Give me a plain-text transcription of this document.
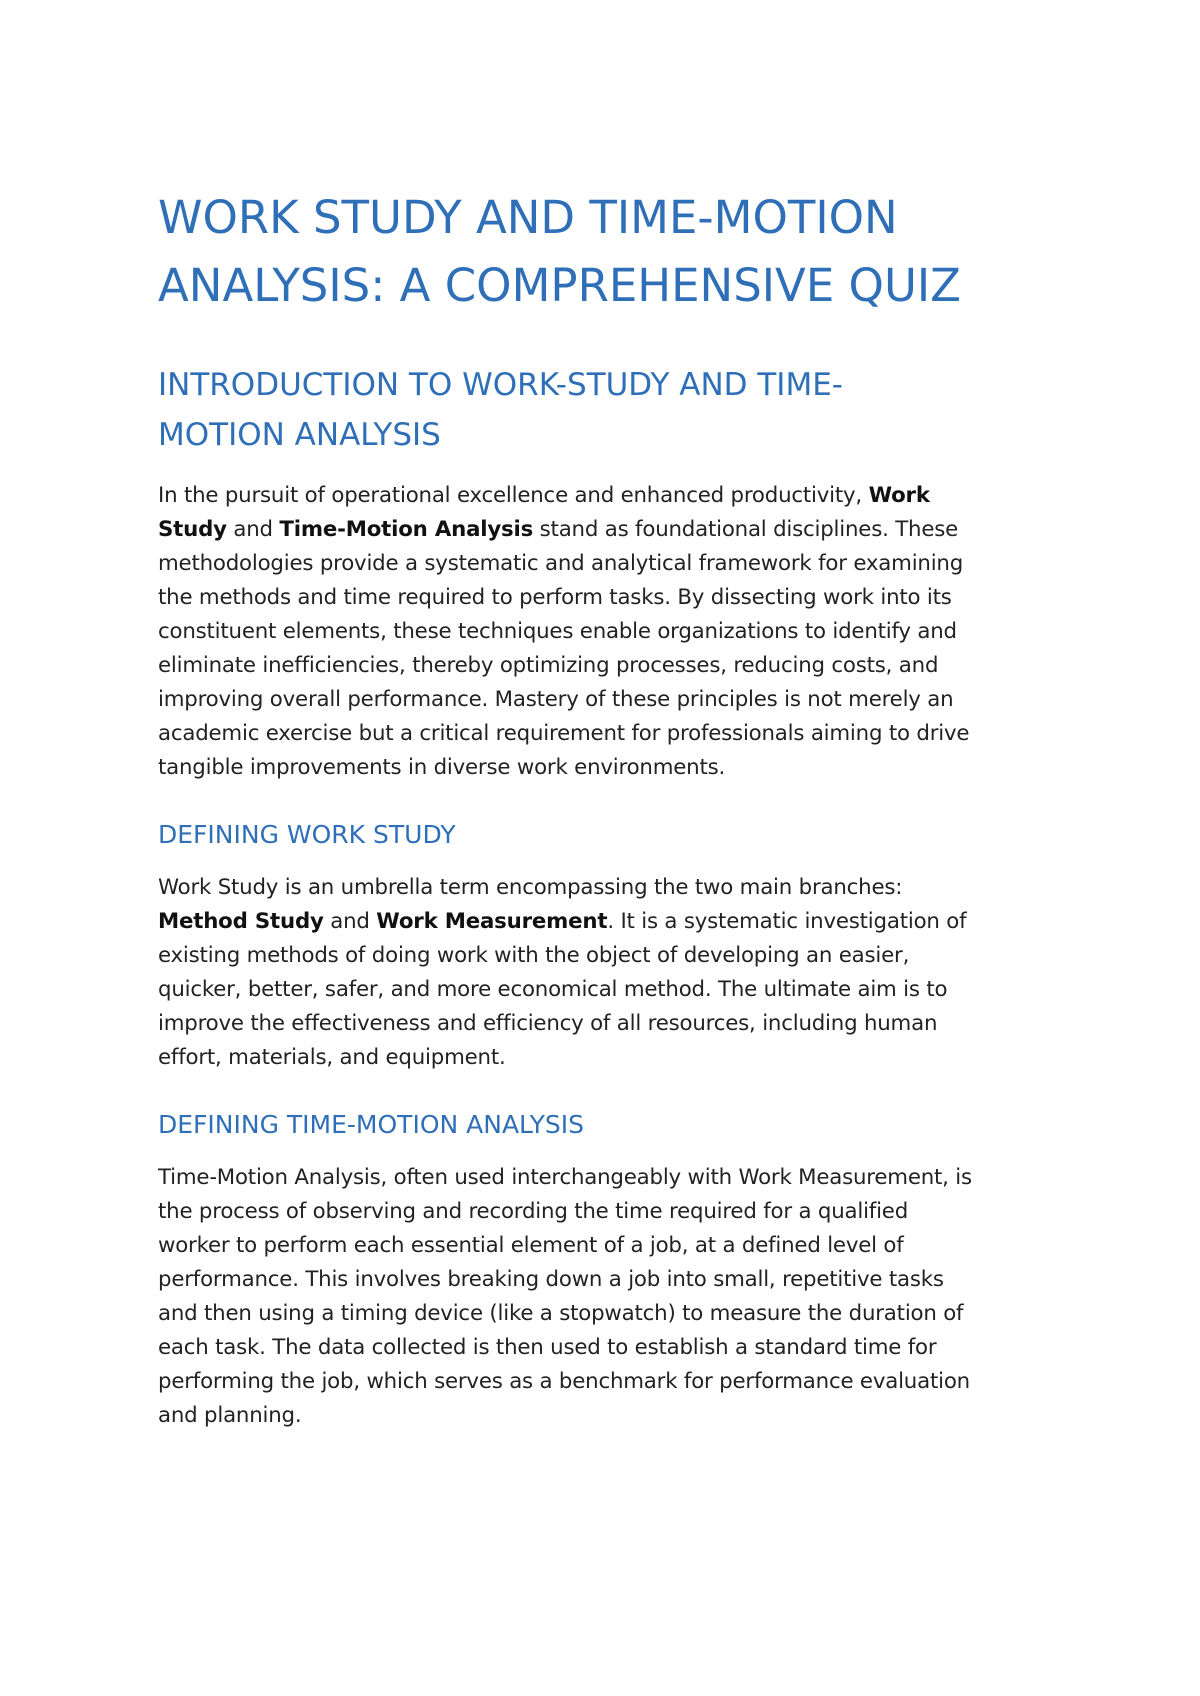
WORK STUDY AND TIME-MOTION
ANALYSIS: A COMPREHENSIVE QUIZ
INTRODUCTION TO WORK-STUDY AND TIME-
MOTION ANALYSIS

In the pursuit of operational excellence and enhanced productivity, Work
Study and Time-Motion Analysis stand as foundational disciplines. These
methodologies provide a systematic and analytical framework for examining
the methods and time required to perform tasks. By dissecting work into its
constituent elements, these techniques enable organizations to identify and
eliminate inefficiencies, thereby optimizing processes, reducing costs, and
improving overall performance. Mastery of these principles is not merely an
academic exercise but a critical requirement for professionals aiming to drive
tangible improvements in diverse work environments.

DEFINING WORK STUDY

Work Study is an umbrella term encompassing the two main branches:
Method Study and Work Measurement. It is a systematic investigation of
existing methods of doing work with the object of developing an easier,
quicker, better, safer, and more economical method. The ultimate aim is to
improve the effectiveness and efficiency of all resources, including human
effort, materials, and equipment.

DEFINING TIME-MOTION ANALYSIS

Time-Motion Analysis, often used interchangeably with Work Measurement, is
the process of observing and recording the time required for a qualified
worker to perform each essential element of a job, at a defined level of
performance. This involves breaking down a job into small, repetitive tasks
and then using a timing device (like a stopwatch) to measure the duration of
each task. The data collected is then used to establish a standard time for
performing the job, which serves as a benchmark for performance evaluation
and planning.
